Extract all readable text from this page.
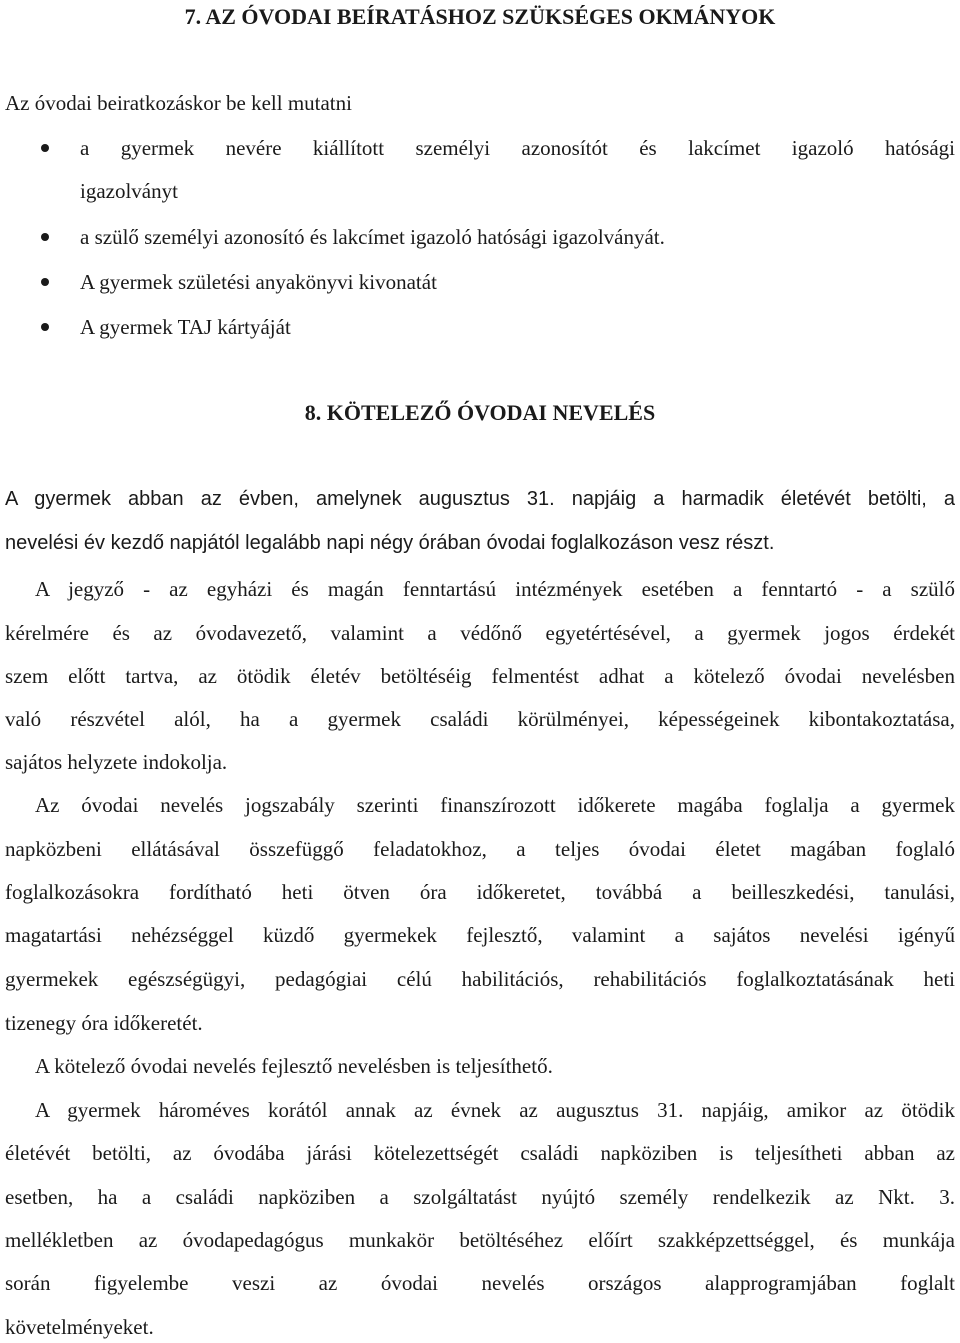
7. AZ ÓVODAI BEÍRATÁSHOZ SZÜKSÉGES OKMÁNYOK
Az óvodai beiratkozáskor be kell mutatni
a gyermek nevére kiállított személyi azonosítót és lakcímet igazoló hatósági
igazolványt
a szülő személyi azonosító és lakcímet igazoló hatósági igazolványát.
A gyermek születési anyakönyvi kivonatát
A gyermek TAJ kártyáját
8. KÖTELEZŐ ÓVODAI NEVELÉS
A gyermek abban az évben, amelynek augusztus 31. napjáig a harmadik életévét betölti, a
nevelési év kezdő napjától legalább napi négy órában óvodai foglalkozáson vesz részt.
A jegyző - az egyházi és magán fenntartású intézmények esetében a fenntartó - a szülő
kérelmére és az óvodavezető, valamint a védőnő egyetértésével, a gyermek jogos érdekét
szem előtt tartva, az ötödik életév betöltéséig felmentést adhat a kötelező óvodai nevelésben
való részvétel alól, ha a gyermek családi körülményei, képességeinek kibontakoztatása,
sajátos helyzete indokolja.
Az óvodai nevelés jogszabály szerinti finanszírozott időkerete magába foglalja a gyermek
napközbeni ellátásával összefüggő feladatokhoz, a teljes óvodai életet magában foglaló
foglalkozásokra fordítható heti ötven óra időkeretet, továbbá a beilleszkedési, tanulási,
magatartási nehézséggel küzdő gyermekek fejlesztő, valamint a sajátos nevelési igényű
gyermekek egészségügyi, pedagógiai célú habilitációs, rehabilitációs foglalkoztatásának heti
tizenegy óra időkeretét.
A kötelező óvodai nevelés fejlesztő nevelésben is teljesíthető.
A gyermek hároméves korától annak az évnek az augusztus 31. napjáig, amikor az ötödik
életévét betölti, az óvodába járási kötelezettségét családi napköziben is teljesítheti abban az
esetben, ha a családi napköziben a szolgáltatást nyújtó személy rendelkezik az Nkt. 3.
mellékletben az óvodapedagógus munkakör betöltéséhez előírt szakképzettséggel, és munkája
során figyelembe veszi az óvodai nevelés országos alapprogramjában foglalt
követelményeket.
